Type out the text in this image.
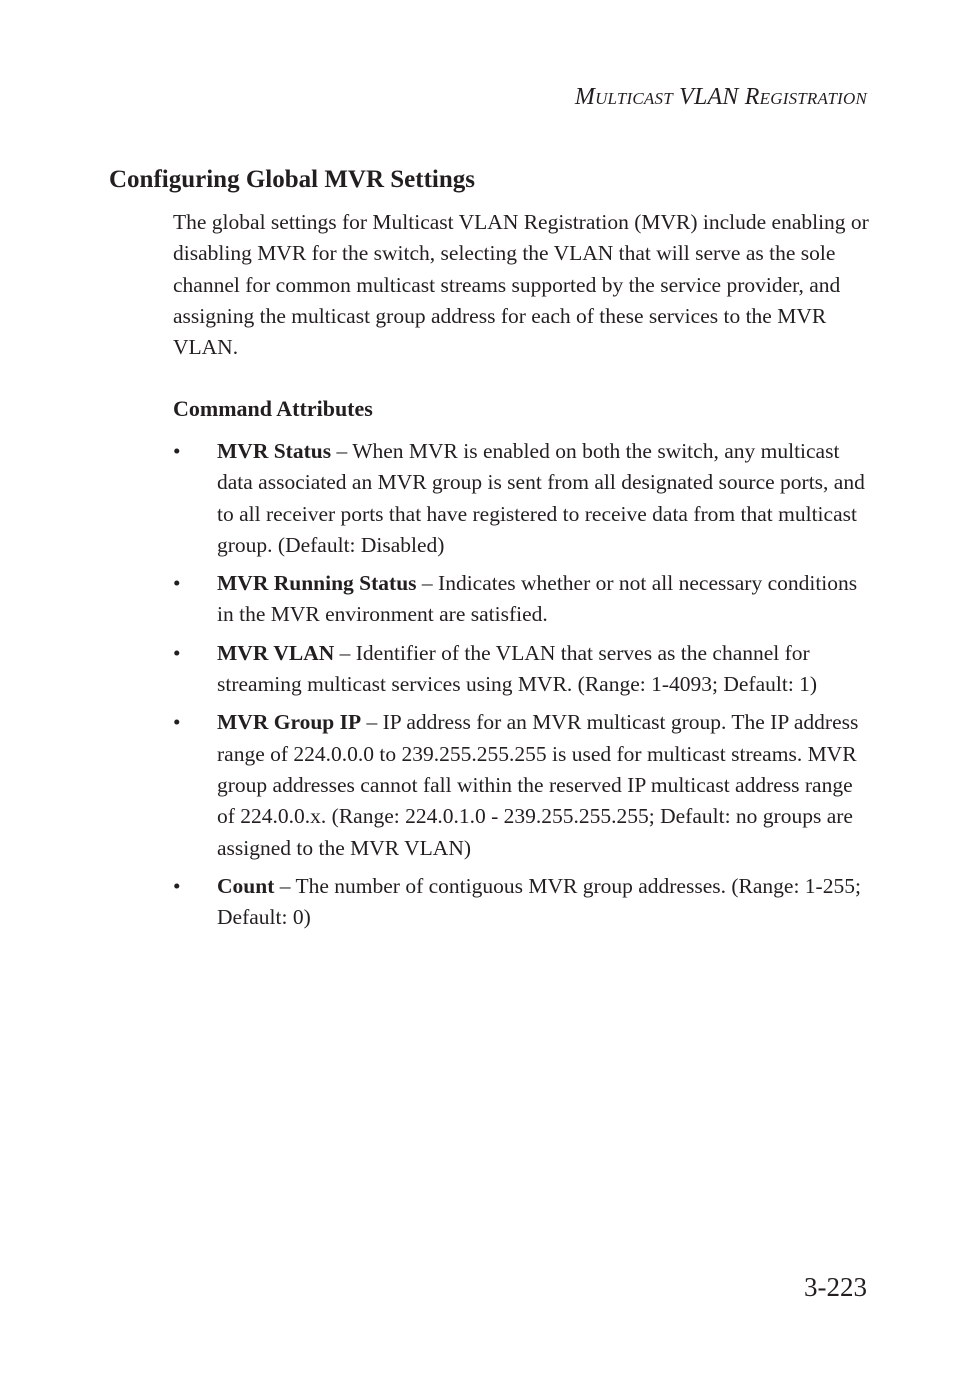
MULTICAST VLAN REGISTRATION
Configuring Global MVR Settings

The global settings for Multicast VLAN Registration (MVR) include enabling or disabling MVR for the switch, selecting the VLAN that will serve as the sole channel for common multicast streams supported by the service provider, and assigning the multicast group address for each of these services to the MVR VLAN.

Command Attributes
• MVR Status – When MVR is enabled on both the switch, any multicast data associated an MVR group is sent from all designated source ports, and to all receiver ports that have registered to receive data from that multicast group. (Default: Disabled)
• MVR Running Status – Indicates whether or not all necessary conditions in the MVR environment are satisfied.
• MVR VLAN – Identifier of the VLAN that serves as the channel for streaming multicast services using MVR. (Range: 1-4093; Default: 1)
• MVR Group IP – IP address for an MVR multicast group. The IP address range of 224.0.0.0 to 239.255.255.255 is used for multicast streams. MVR group addresses cannot fall within the reserved IP multicast address range of 224.0.0.x. (Range: 224.0.1.0 - 239.255.255.255; Default: no groups are assigned to the MVR VLAN)
• Count – The number of contiguous MVR group addresses. (Range: 1-255; Default: 0)
3-223
